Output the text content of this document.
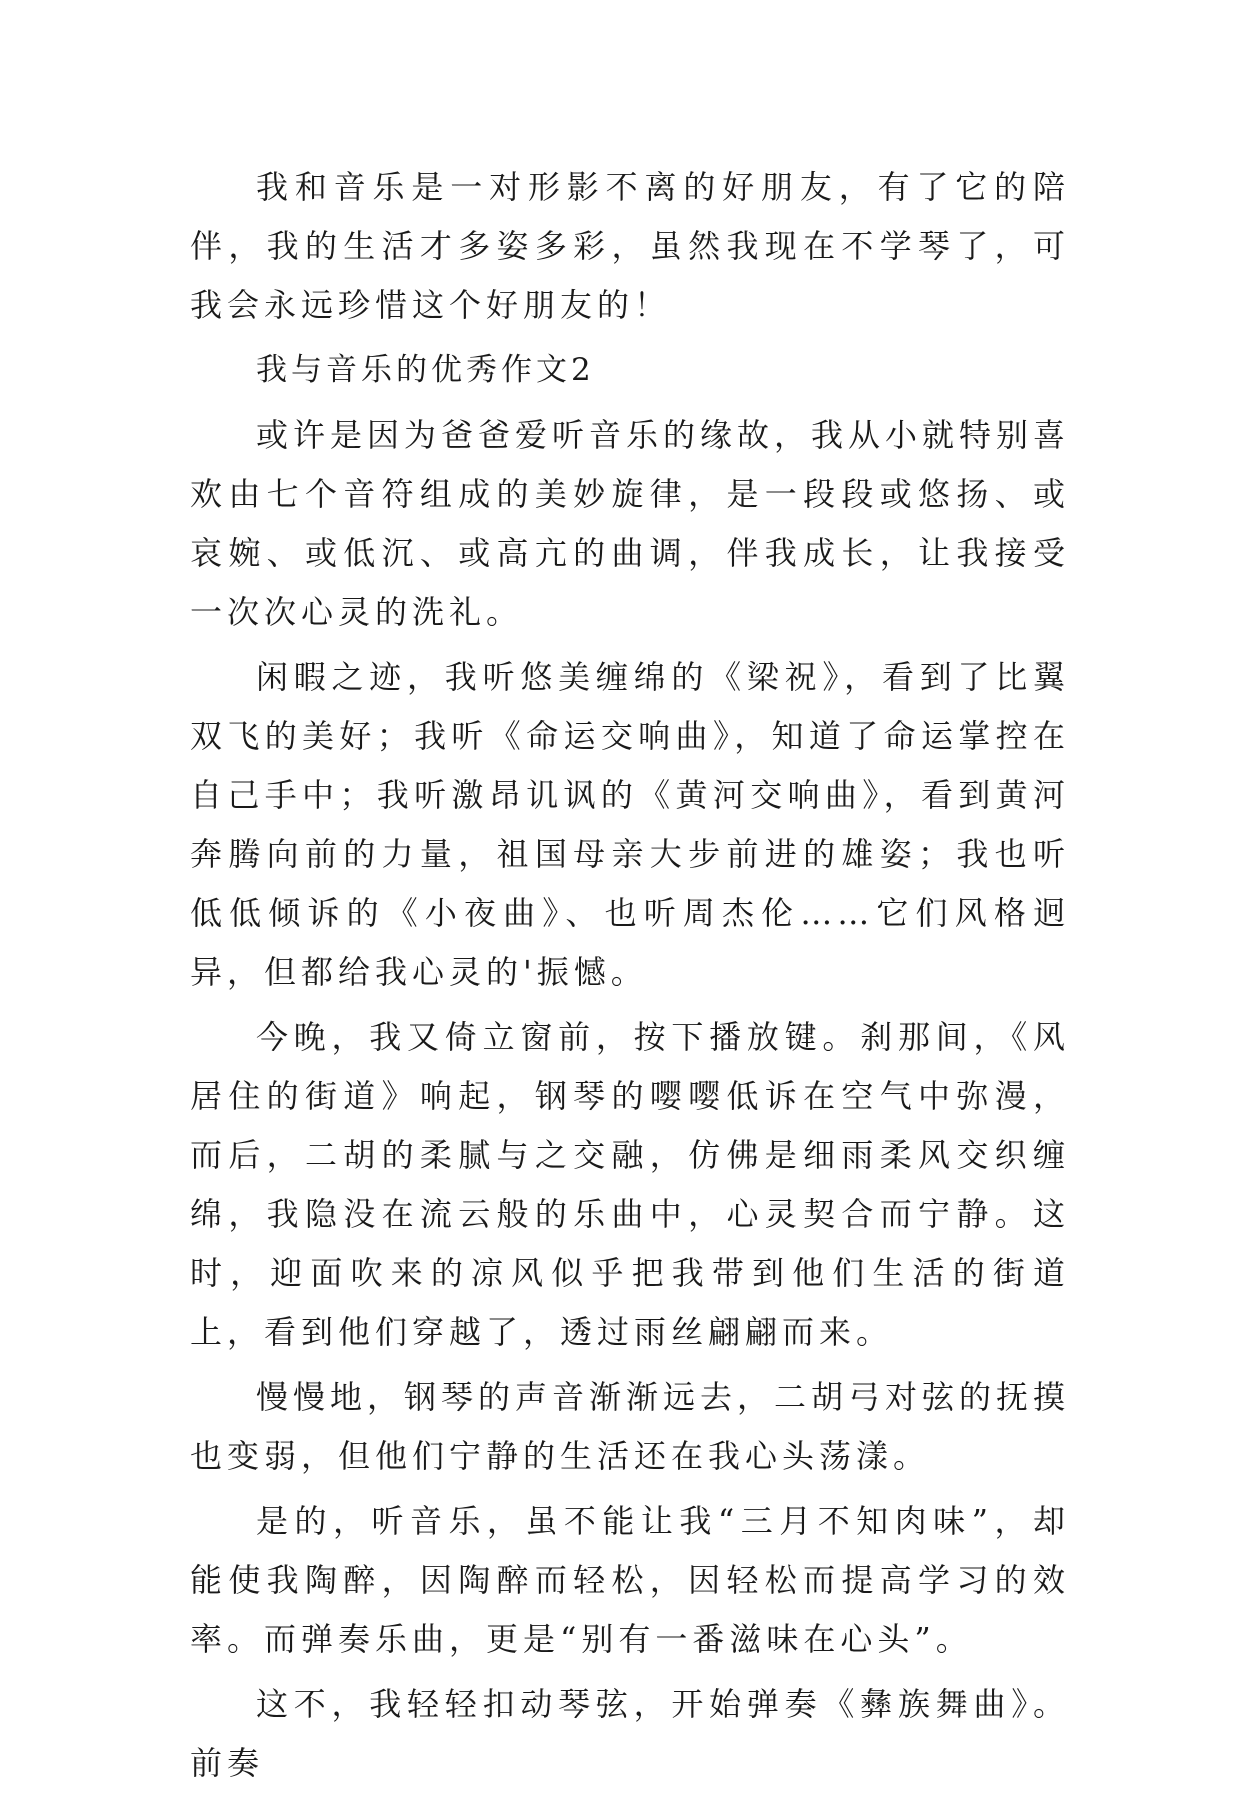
我和音乐是一对形影不离的好朋友，有了它的陪伴，我的生活才多姿多彩，虽然我现在不学琴了，可我会永远珍惜这个好朋友的！

我与音乐的优秀作文2

或许是因为爸爸爱听音乐的缘故，我从小就特别喜欢由七个音符组成的美妙旋律，是一段段或悠扬、或哀婉、或低沉、或高亢的曲调，伴我成长，让我接受一次次心灵的洗礼。

闲暇之迹，我听悠美缠绵的《梁祝》，看到了比翼双飞的美好；我听《命运交响曲》，知道了命运掌控在自己手中；我听激昂讥讽的《黄河交响曲》，看到黄河奔腾向前的力量，祖国母亲大步前进的雄姿；我也听低低倾诉的《小夜曲》、也听周杰伦……它们风格迥异，但都给我心灵的'振憾。

今晚，我又倚立窗前，按下播放键。刹那间，《风居住的街道》响起，钢琴的嘤嘤低诉在空气中弥漫，而后，二胡的柔腻与之交融，仿佛是细雨柔风交织缠绵，我隐没在流云般的乐曲中，心灵契合而宁静。这时，迎面吹来的凉风似乎把我带到他们生活的街道上，看到他们穿越了，透过雨丝翩翩而来。

慢慢地，钢琴的声音渐渐远去，二胡弓对弦的抚摸也变弱，但他们宁静的生活还在我心头荡漾。

是的，听音乐，虽不能让我“三月不知肉味”，却能使我陶醉，因陶醉而轻松，因轻松而提高学习的效率。而弹奏乐曲，更是“别有一番滋味在心头”。

这不，我轻轻扣动琴弦，开始弹奏《彝族舞曲》。前奏
